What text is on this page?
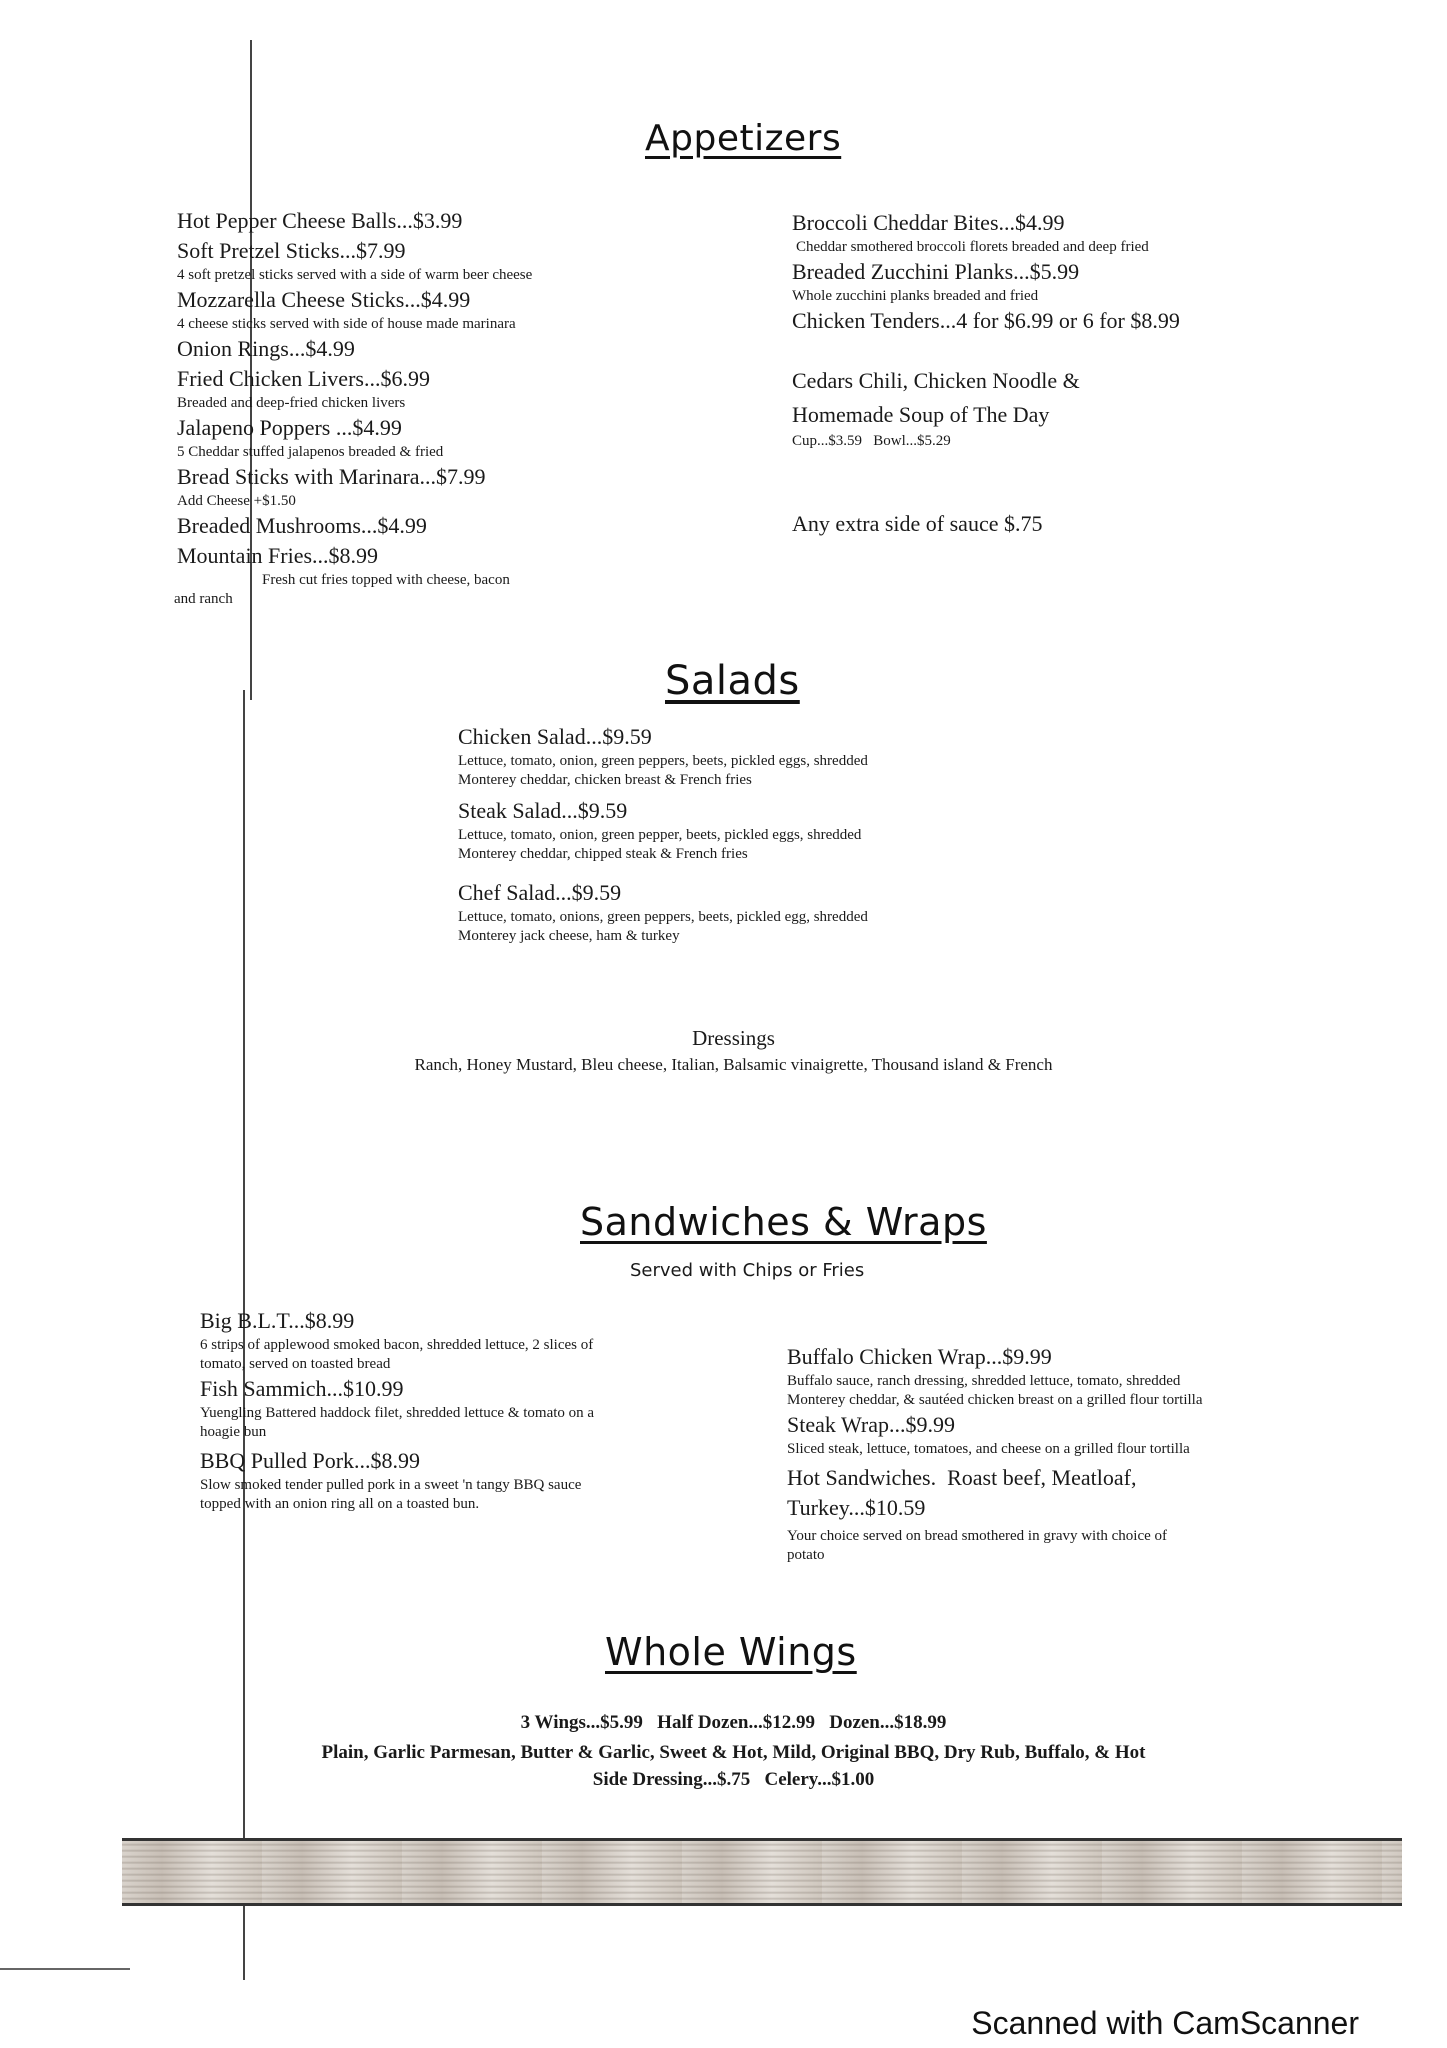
Appetizers
Hot Pepper Cheese Balls...$3.99
Soft Pretzel Sticks...$7.99
4 soft pretzel sticks served with a side of warm beer cheese
Mozzarella Cheese Sticks...$4.99
4 cheese sticks served with side of house made marinara
Onion Rings...$4.99
Fried Chicken Livers...$6.99
Breaded and deep-fried chicken livers
Jalapeno Poppers ...$4.99
5 Cheddar stuffed jalapenos breaded & fried
Bread Sticks with Marinara...$7.99
Add Cheese +$1.50
Breaded Mushrooms...$4.99
Mountain Fries...$8.99
Fresh cut fries topped with cheese, bacon
and ranch
Broccoli Cheddar Bites...$4.99
Cheddar smothered broccoli florets breaded and deep fried
Breaded Zucchini Planks...$5.99
Whole zucchini planks breaded and fried
Chicken Tenders...4 for $6.99 or 6 for $8.99
Cedars Chili, Chicken Noodle &
Homemade Soup of The Day
Cup...$3.59   Bowl...$5.29
Any extra side of sauce $.75
Salads
Chicken Salad...$9.59
Lettuce, tomato, onion, green peppers, beets, pickled eggs, shredded
Monterey cheddar, chicken breast & French fries
Steak Salad...$9.59
Lettuce, tomato, onion, green pepper, beets, pickled eggs, shredded
Monterey cheddar, chipped steak & French fries
Chef Salad...$9.59
Lettuce, tomato, onions, green peppers, beets, pickled egg, shredded
Monterey jack cheese, ham & turkey
Dressings
Ranch, Honey Mustard, Bleu cheese, Italian, Balsamic vinaigrette, Thousand island & French
Sandwiches & Wraps
Served with Chips or Fries
Big B.L.T...$8.99
6 strips of applewood smoked bacon, shredded lettuce, 2 slices of
tomato, served on toasted bread
Fish Sammich...$10.99
Yuengling Battered haddock filet, shredded lettuce & tomato on a
hoagie bun
BBQ Pulled Pork...$8.99
Slow smoked tender pulled pork in a sweet 'n tangy BBQ sauce
topped with an onion ring all on a toasted bun.
Buffalo Chicken Wrap...$9.99
Buffalo sauce, ranch dressing, shredded lettuce, tomato, shredded
Monterey cheddar, & sautéed chicken breast on a grilled flour tortilla
Steak Wrap...$9.99
Sliced steak, lettuce, tomatoes, and cheese on a grilled flour tortilla
Hot Sandwiches.  Roast beef, Meatloaf,
Turkey...$10.59
Your choice served on bread smothered in gravy with choice of
potato
Whole Wings
3 Wings...$5.99   Half Dozen...$12.99   Dozen...$18.99
Plain, Garlic Parmesan, Butter & Garlic, Sweet & Hot, Mild, Original BBQ, Dry Rub, Buffalo, & Hot
Side Dressing...$.75   Celery...$1.00
Scanned with CamScanner
